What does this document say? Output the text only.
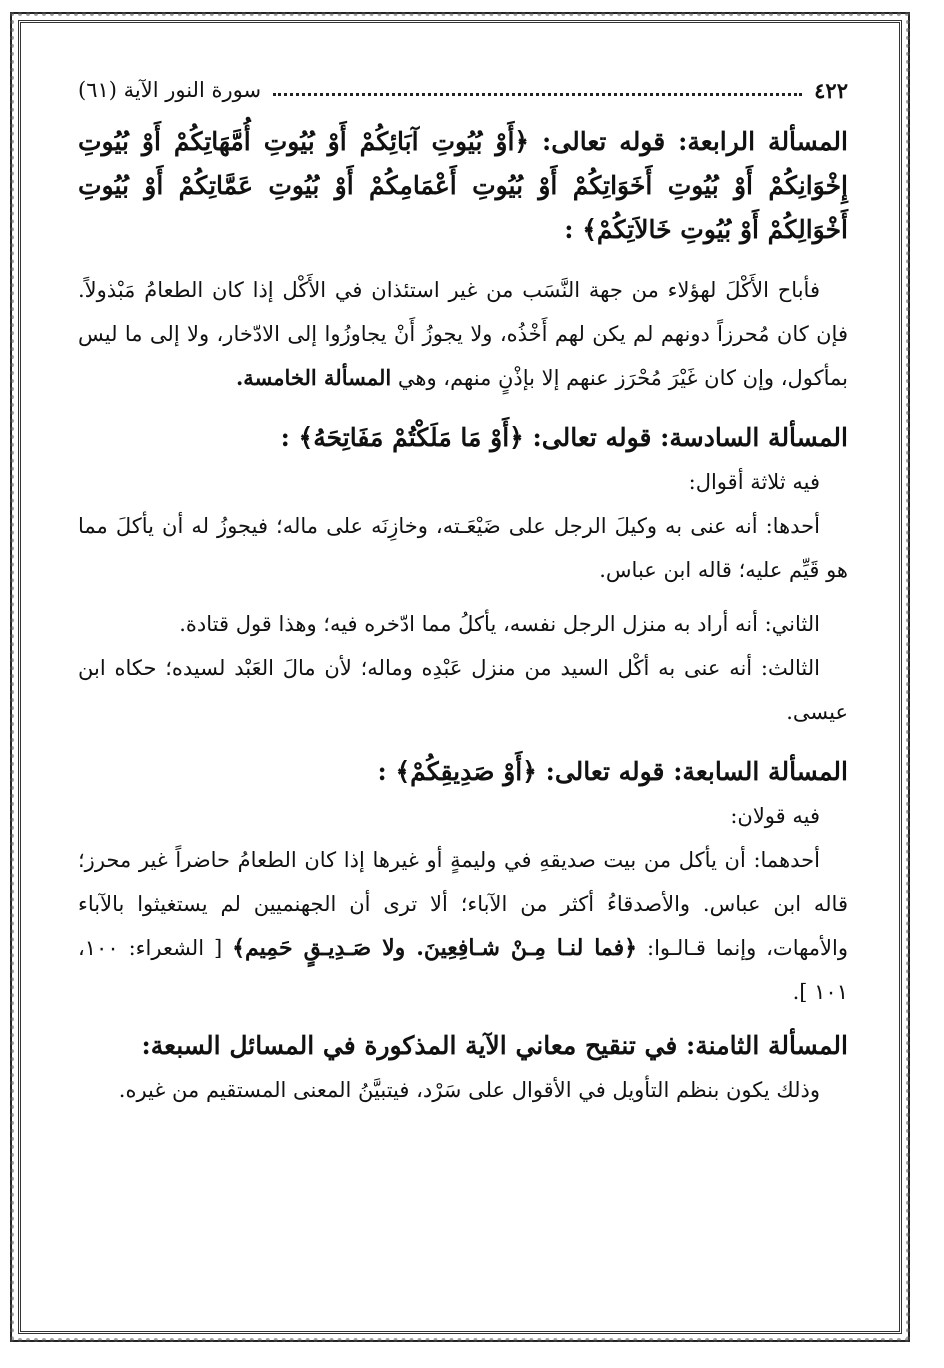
٤٢٢
سورة النور الآية (٦١)

المسألة الرابعة: قوله تعالى: ﴿أَوْ بُيُوتِ آبَائِكُمْ أَوْ بُيُوتِ أُمَّهَاتِكُمْ أَوْ بُيُوتِ إِخْوَانِكُمْ أَوْ بُيُوتِ أَخَوَاتِكُمْ أَوْ بُيُوتِ أَعْمَامِكُمْ أَوْ بُيُوتِ عَمَّاتِكُمْ أَوْ بُيُوتِ أَخْوَالِكُمْ أَوْ بُيُوتِ خَالاَتِكُمْ﴾ :

فأباح الأَكْلَ لهؤلاء من جهة النَّسَب من غير استئذان في الأَكْل إذا كان الطعامُ مَبْذولاً. فإن كان مُحرزاً دونهم لم يكن لهم أَخْذُه، ولا يجوزُ أَنْ يجاوزُوا إلى الادّخار، ولا إلى ما ليس بمأكول، وإن كان غَيْرَ مُحْرَز عنهم إلا بإذْنٍ منهم، وهي المسألة الخامسة.

المسألة السادسة: قوله تعالى: ﴿أَوْ مَا مَلَكْتُمْ مَفَاتِحَهُ﴾ :

فيه ثلاثة أقوال:

أحدها: أنه عنى به وكيلَ الرجل على ضَيْعَـته، وخازِنَه على ماله؛ فيجوزُ له أن يأكلَ مما هو قَيِّم عليه؛ قاله ابن عباس.

الثاني: أنه أراد به منزل الرجل نفسه، يأكلُ مما ادّخره فيه؛ وهذا قول قتادة.

الثالث: أنه عنى به أكْل السيد من منزل عَبْدِه وماله؛ لأن مالَ العَبْد لسيده؛ حكاه ابن عيسى.

المسألة السابعة: قوله تعالى: ﴿أَوْ صَدِيقِكُمْ﴾ :

فيه قولان:

أحدهما: أن يأكل من بيت صديقهِ في وليمةٍ أو غيرها إذا كان الطعامُ حاضراً غير محرز؛ قاله ابن عباس. والأصدقاءُ أكثر من الآباء؛ ألا ترى أن الجهنميين لم يستغيثوا بالآباء والأمهات، وإنما قـالـوا: ﴿فما لنـا مِـنْ شـافِعِينَ. ولا صَـدِيـقٍ حَمِيم﴾ [ الشعراء: ١٠٠، ١٠١ ].

المسألة الثامنة: في تنقيح معاني الآية المذكورة في المسائل السبعة:

وذلك يكون بنظم التأويل في الأقوال على سَرْد، فيتبيَّنُ المعنى المستقيم من غيره.
